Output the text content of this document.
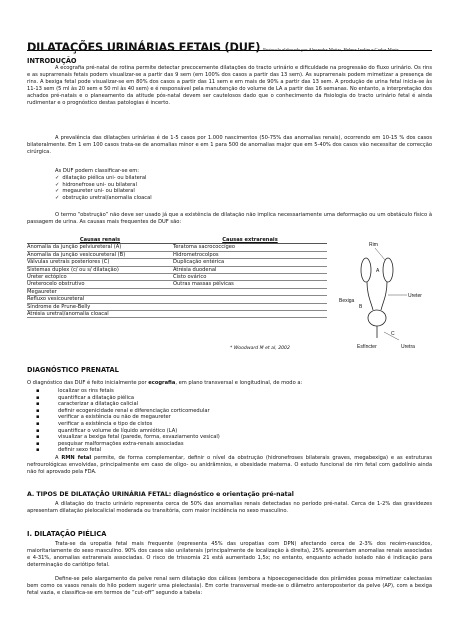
DILATAÇÕES URINÁRIAS FETAIS (DUF) Protocolo elaborado por Alexandra Matias, Helena Jardim e Carlos Mariz
INTRODUÇÃO
A ecografia pré-natal de rotina permite detectar precocemente dilatações do tracto urinário e dificuldade na progressão do fluxo urinário. Os rins e as suprarrenais fetais podem visualizar-se a partir das 9 sem (em 100% dos casos a partir das 13 sem). As suprarrenais podem mimetizar a presença de rins. A bexiga fetal pode visualizar-se em 80% dos casos a partir das 11 sem e em mais de 90% a partir das 13 sem. A produção de urina fetal inicia-se às 11-13 sem (5 ml às 20 sem e 50 ml às 40 sem) e é responsável pela manutenção do volume de LA a partir das 16 semanas. No entanto, a interpretação dos achados pré-natais e o planeamento da atitude pós-natal devem ser cautelosos dado que o conhecimento da fisiologia do tracto urinário fetal é ainda rudimentar e o prognóstico destas patologias é incerto.
A prevalência das dilatações urinárias é de 1-5 casos por 1.000 nascimentos (50-75% das anomalias renais), ocorrendo em 10-15 % dos casos bilateralmente. Em 1 em 100 casos trata-se de anomalias minor e em 1 para 500 de anomalias major que em 5-40% dos casos vão necessitar de correcção cirúrgica.
As DUF podem classificar-se em:
✓ dilatação piélica uni- ou bilateral
✓ hidronefrose uni- ou bilateral
✓ megaureter uni- ou bilateral
✓ obstrução uretral/anomalia cloacal
O termo “obstrução” não deve ser usado já que a existência de dilatação não implica necessariamente uma deformação ou um obstáculo físico à passagem de urina. As causas mais frequentes de DUF são:
Causas renais	Causas extrarenais
Anomalia da junção pelviureteral (A)	Teratoma sacrococcígeo
Anomalia da junção vesicoureteral (B)	Hidrometrocolpos
Válvulas uretrais posteriores (C)	Duplicação entérica
Sistemas duplex (c/ ou s/ dilatação)	Atrésia duodenal
Ureter ectópico	Cisto ovárico
Ureterocelo obstrutivo	Outras massas pélvicas
Megaureter	
Refluxo vesicoureteral	
Síndrome de Prune-Belly	
Atrésia uretral/anomalia cloacal	
* Woodward M et al, 2002
Rim
A
Ureter
B
C
Bexiga
Esfíncter	Uretra
DIAGNÓSTICO PRENATAL
O diagnóstico das DUF é feito inicialmente por ecografia, em plano transversal e longitudinal, de modo a:
▪ localizar os rins fetais
▪ quantificar a dilatação piélica
▪ caracterizar a dilatação calicial
▪ definir ecogenicidade renal e diferenciação corticomedular
▪ verificar a existência ou não de megaureter
▪ verificar a existência e tipo de cistos
▪ quantificar o volume de líquido amniótico (LA)
▪ visualizar a bexiga fetal (parede, forma, esvaziamento vesical)
▪ pesquisar malformações extra-renais associadas
▪ definir sexo fetal
A RMN fetal permite, de forma complementar, definir o nível da obstrução (hidronefroses bilaterais graves, megabexiga) e as estruturas nefrourológicas envolvidas, principalmente em caso de oligo- ou anidrâmnios, e obesidade materna. O estudo funcional de rim fetal com gadolínio ainda não foi aprovado pela FDA.
A. TIPOS DE DILATAÇÃO URINÁRIA FETAL: diagnóstico e orientação pré-natal
A dilatação do tracto urinário representa cerca de 50% das anomalias renais detectadas no período pré-natal. Cerca de 1-2% das gravidezes apresentam dilatação pielocalicial moderada ou transitória, com maior incidência no sexo masculino.
I. DILATAÇÃO PIÉLICA
Trata-se da uropatia fetal mais frequente (representa 45% das uropatias com DPN) afectando cerca de 2-3% dos recém-nascidos, maioritariamente do sexo masculino. 90% dos casos são unilaterais (principalmente de localização à direita), 25% apresentam anomalias renais associadas e 4-31%, anomalias extrarenais associadas. O risco de trissomia 21 está aumentado 1,5x; no entanto, enquanto achado isolado não é indicação para determinação do cariótipo fetal.
Define-se pelo alargamento da pelve renal sem dilatação dos cálices (embora a hipoecogenecidade dos pirâmides possa mimetizar calectasias bem como os vasos renais do hilo podem sugerir uma pielectasia). Em corte transversal mede-se o diâmetro anteroposterior da pelve (AP), com a bexiga fetal vazia, e classifica-se em termos de “cut-off” segundo a tabela:
